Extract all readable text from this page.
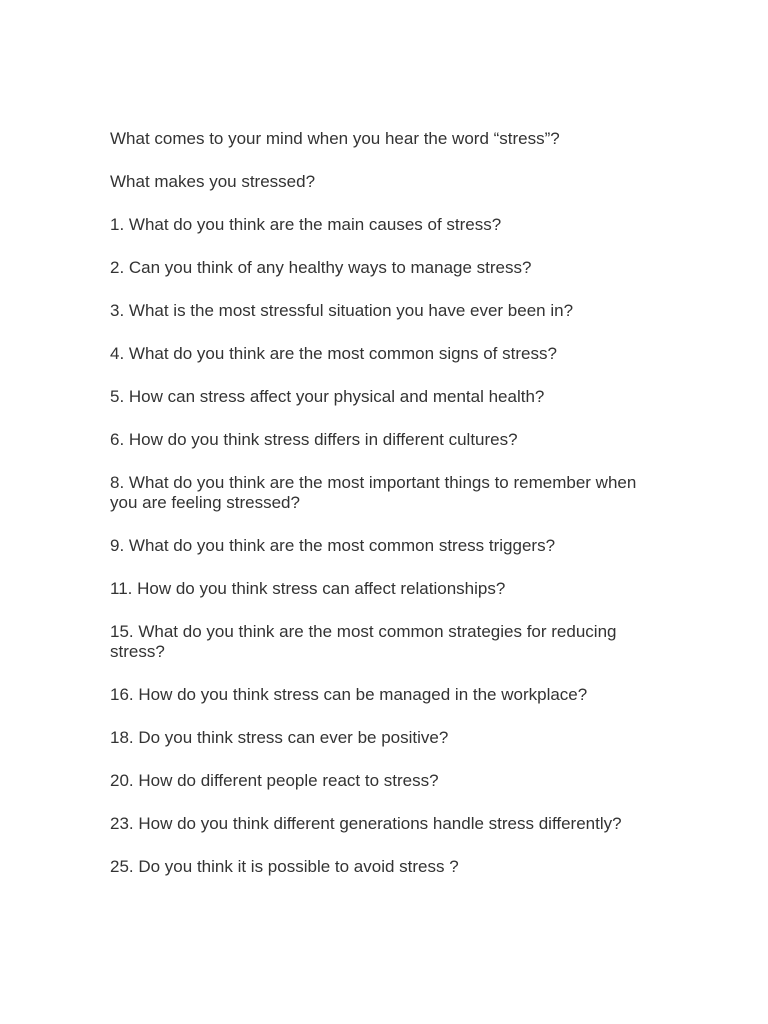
What comes to your mind when you hear the word “stress”?

What makes you stressed?

1. What do you think are the main causes of stress?

2. Can you think of any healthy ways to manage stress?

3. What is the most stressful situation you have ever been in?

4. What do you think are the most common signs of stress?

5. How can stress affect your physical and mental health?

6. How do you think stress differs in different cultures?

8. What do you think are the most important things to remember when you are feeling stressed?

9. What do you think are the most common stress triggers?

11. How do you think stress can affect relationships?

15. What do you think are the most common strategies for reducing stress?

16. How do you think stress can be managed in the workplace?

18. Do you think stress can ever be positive?

20. How do different people react to stress?

23. How do you think different generations handle stress differently?

25. Do you think it is possible to avoid stress ?
